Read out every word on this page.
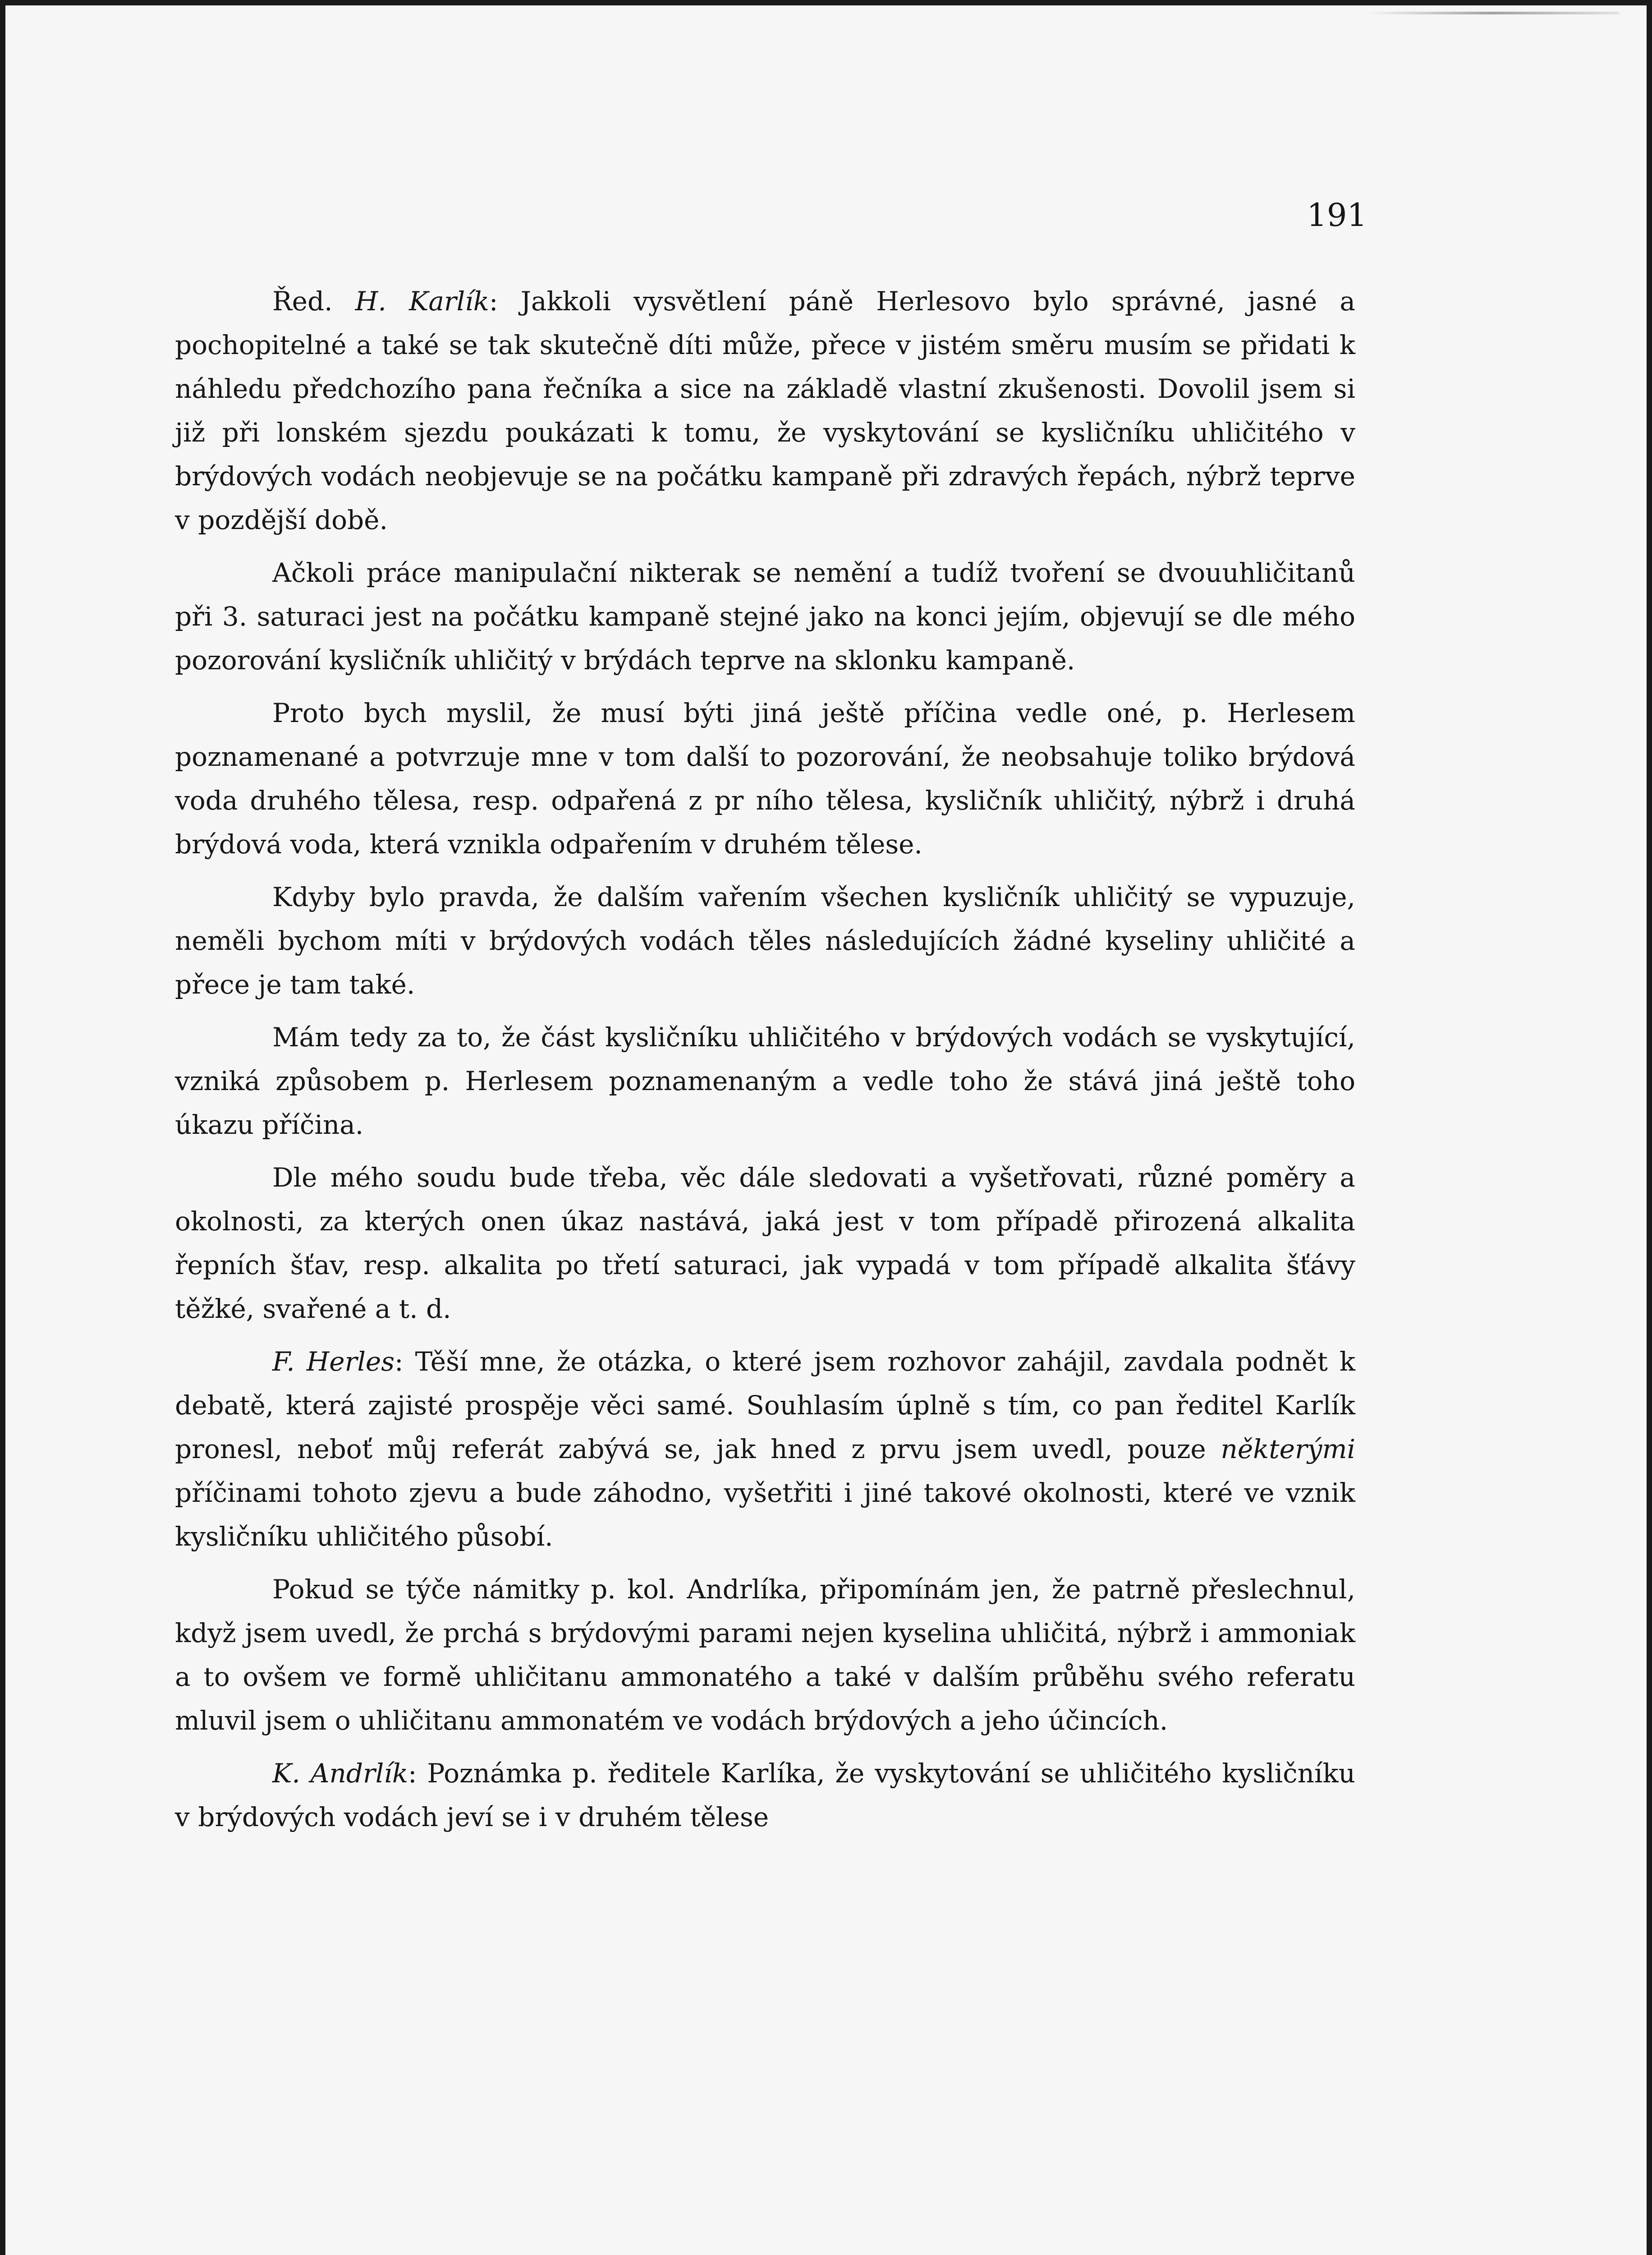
191

Řed. H. Karlík: Jakkoli vysvětlení páně Herlesovo bylo správné, jasné a pochopitelné a také se tak skutečně díti může, přece v jistém směru musím se přidati k náhledu předchozího pana řečníka a sice na základě vlastní zkušenosti. Dovolil jsem si již při lonském sjezdu poukázati k tomu, že vyskytování se kysličníku uhličitého v brýdových vodách neobjevuje se na počátku kampaně při zdravých řepách, nýbrž teprve v pozdější době.

Ačkoli práce manipulační nikterak se nemění a tudíž tvoření se dvouuhličitanů při 3. saturaci jest na počátku kampaně stejné jako na konci jejím, objevují se dle mého pozorování kysličník uhličitý v brýdách teprve na sklonku kampaně.

Proto bych myslil, že musí býti jiná ještě příčina vedle oné, p. Herlesem poznamenané a potvrzuje mne v tom další to pozorování, že neobsahuje toliko brýdová voda druhého tělesa, resp. odpařená z pr ního tělesa, kysličník uhličitý, nýbrž i druhá brýdová voda, která vznikla odpařením v druhém tělese.

Kdyby bylo pravda, že dalším vařením všechen kysličník uhličitý se vypuzuje, neměli bychom míti v brýdových vodách těles následujících žádné kyseliny uhličité a přece je tam také.

Mám tedy za to, že část kysličníku uhličitého v brýdových vodách se vyskytující, vzniká způsobem p. Herlesem poznamenaným a vedle toho že stává jiná ještě toho úkazu příčina.

Dle mého soudu bude třeba, věc dále sledovati a vyšetřovati, různé poměry a okolnosti, za kterých onen úkaz nastává, jaká jest v tom případě přirozená alkalita řepních šťav, resp. alkalita po třetí saturaci, jak vypadá v tom případě alkalita šťávy těžké, svařené a t. d.

F. Herles: Těší mne, že otázka, o které jsem rozhovor zahájil, zavdala podnět k debatě, která zajisté prospěje věci samé. Souhlasím úplně s tím, co pan ředitel Karlík pronesl, neboť můj referát zabývá se, jak hned z prvu jsem uvedl, pouze některými příčinami tohoto zjevu a bude záhodno, vyšetřiti i jiné takové okolnosti, které ve vznik kysličníku uhličitého působí.

Pokud se týče námitky p. kol. Andrlíka, připomínám jen, že patrně přeslechnul, když jsem uvedl, že prchá s brýdovými parami nejen kyselina uhličitá, nýbrž i ammoniak a to ovšem ve formě uhličitanu ammonatého a také v dalším průběhu svého referatu mluvil jsem o uhličitanu ammonatém ve vodách brýdových a jeho účincích.

K. Andrlík: Poznámka p. ředitele Karlíka, že vyskytování se uhličitého kysličníku v brýdových vodách jeví se i v druhém tělese
